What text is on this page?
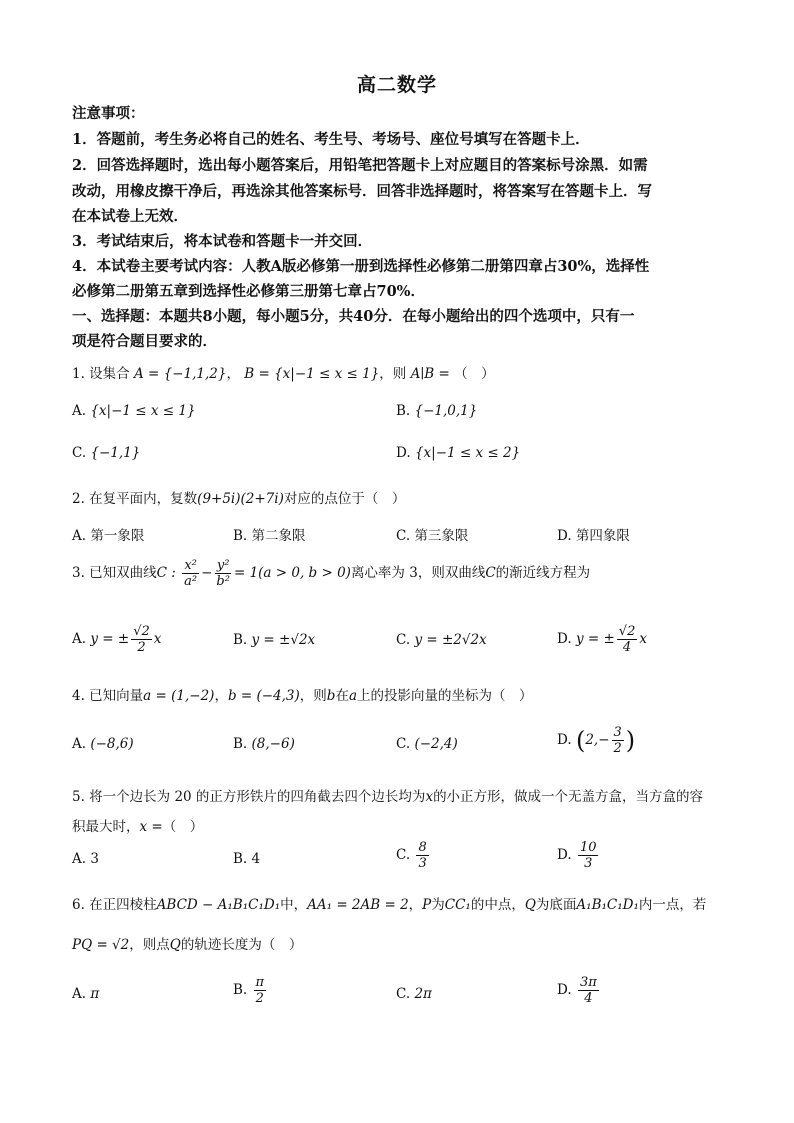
高二数学
注意事项：
1．答题前，考生务必将自己的姓名、考生号、考场号、座位号填写在答题卡上．
2．回答选择题时，选出每小题答案后，用铅笔把答题卡上对应题目的答案标号涂黑．如需
改动，用橡皮擦干净后，再选涂其他答案标号．回答非选择题时，将答案写在答题卡上．写
在本试卷上无效．
3．考试结束后，将本试卷和答题卡一并交回．
4．本试卷主要考试内容：人教A版必修第一册到选择性必修第二册第四章占30%，选择性
必修第二册第五章到选择性必修第三册第七章占70%．
一、选择题：本题共8小题，每小题5分，共40分．在每小题给出的四个选项中，只有一
项是符合题目要求的．
1. 设集合 A = {−1,1,2}， B = {x|−1 ≤ x ≤ 1}，则 A∣B = （　）
A. {x|−1 ≤ x ≤ 1}	B. {−1,0,1}
C. {−1,1}	D. {x|−1 ≤ x ≤ 2}
2. 在复平面内，复数(9+5i)(2+7i)对应的点位于（　）
A. 第一象限	B. 第二象限	C. 第三象限	D. 第四象限
3. 已知双曲线C : $\frac{\text{x²}}{\text{a²}} - \frac{\text{y²}}{\text{b²}} = 1(a > 0$, b > 0)离心率为 3，则双曲线C的渐近线方程为
A. y = ± $\frac{√2}{2}$ x	B. y = ±√2x	C. y = ±2√2x	D. y = ± $\frac{√2}{4}$ x
4. 已知向量a = (1,−2)，b = (−4,3)，则b在a上的投影向量的坐标为（　）
A. (−8,6)	B. (8,−6)	C. (−2,4)	D. ($2,- \frac{3}{2}$ )
5. 将一个边长为 20 的正方形铁片的四角截去四个边长均为x的小正方形，做成一个无盖方盒，当方盒的容
积最大时，x =（　）
A. 3	B. 4	C. $\frac{8}{3}$	D. $\frac{10}{3}$
6. 在正四棱柱ABCD − A₁B₁C₁D₁中，AA₁ = 2AB = 2，P为CC₁的中点，Q为底面A₁B₁C₁D₁内一点，若
PQ = √2，则点Q的轨迹长度为（　）
A. π	B. $\frac{\pi}{2}$	C. 2π	D. $\frac{3\pi}{4}$
